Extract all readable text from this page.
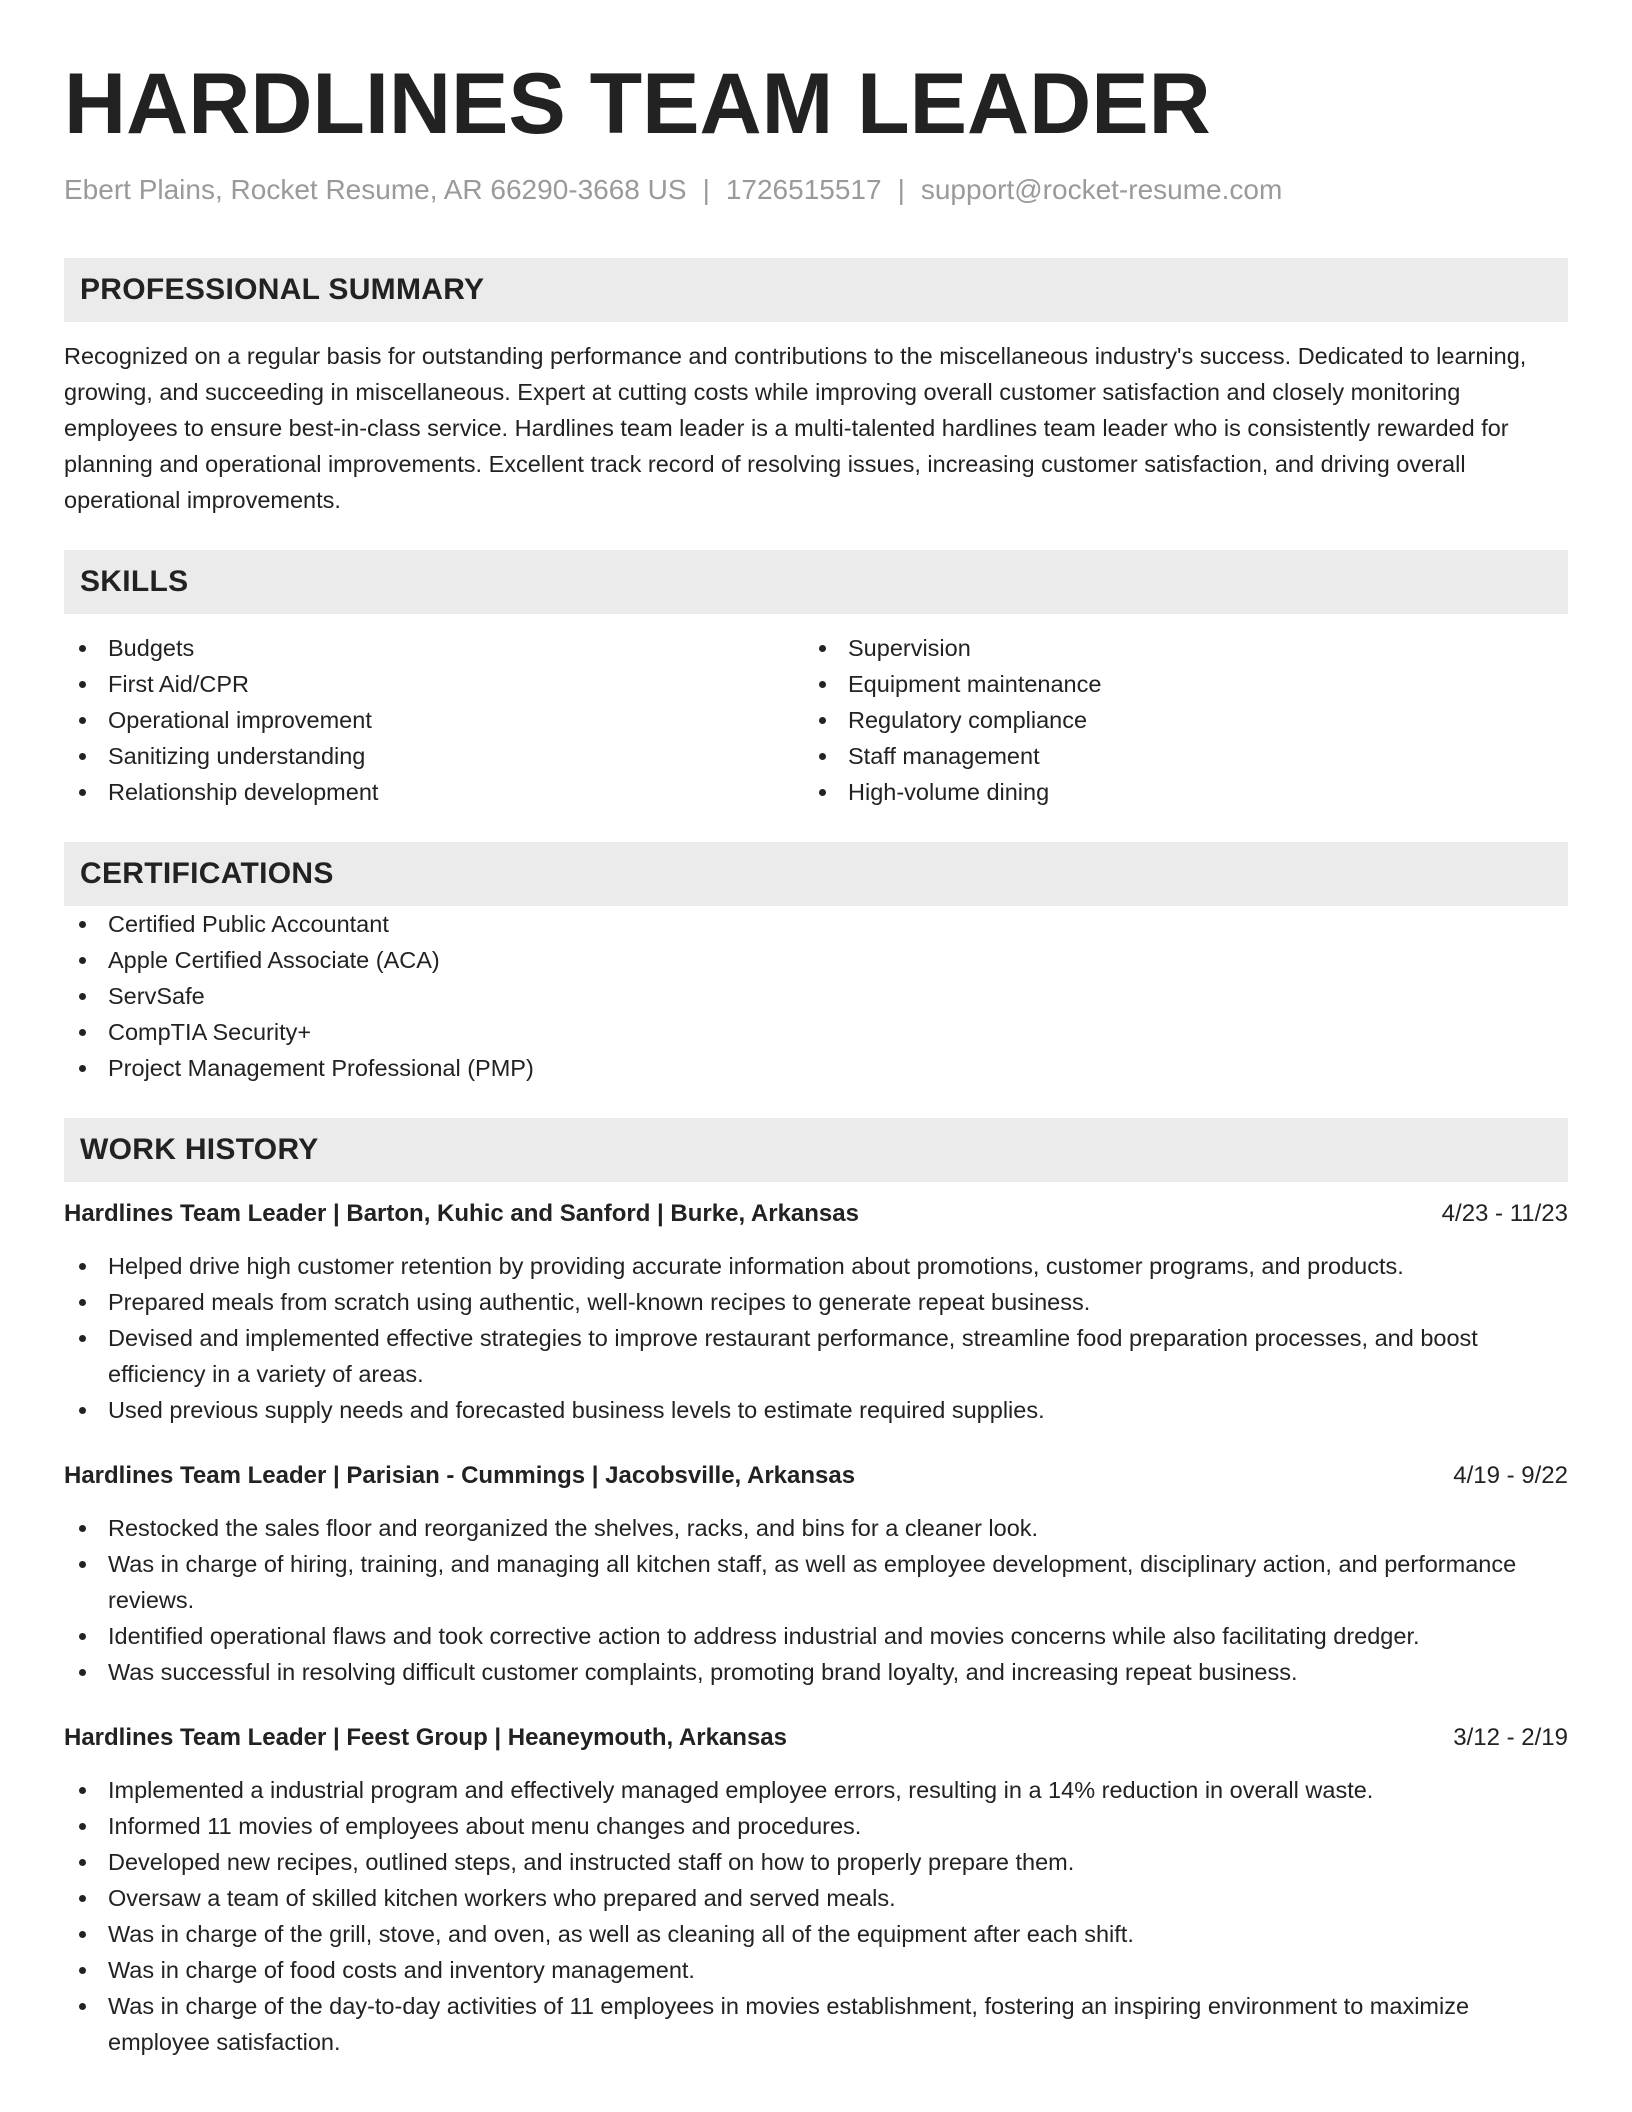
HARDLINES TEAM LEADER
Ebert Plains, Rocket Resume, AR 66290-3668 US | 1726515517 | support@rocket-resume.com
PROFESSIONAL SUMMARY
Recognized on a regular basis for outstanding performance and contributions to the miscellaneous industry's success. Dedicated to learning, growing, and succeeding in miscellaneous. Expert at cutting costs while improving overall customer satisfaction and closely monitoring employees to ensure best-in-class service. Hardlines team leader is a multi-talented hardlines team leader who is consistently rewarded for planning and operational improvements. Excellent track record of resolving issues, increasing customer satisfaction, and driving overall operational improvements.
SKILLS
Budgets
First Aid/CPR
Operational improvement
Sanitizing understanding
Relationship development
Supervision
Equipment maintenance
Regulatory compliance
Staff management
High-volume dining
CERTIFICATIONS
Certified Public Accountant
Apple Certified Associate (ACA)
ServSafe
CompTIA Security+
Project Management Professional (PMP)
WORK HISTORY
Hardlines Team Leader | Barton, Kuhic and Sanford | Burke, Arkansas	4/23 - 11/23
Helped drive high customer retention by providing accurate information about promotions, customer programs, and products.
Prepared meals from scratch using authentic, well-known recipes to generate repeat business.
Devised and implemented effective strategies to improve restaurant performance, streamline food preparation processes, and boost efficiency in a variety of areas.
Used previous supply needs and forecasted business levels to estimate required supplies.
Hardlines Team Leader | Parisian - Cummings | Jacobsville, Arkansas	4/19 - 9/22
Restocked the sales floor and reorganized the shelves, racks, and bins for a cleaner look.
Was in charge of hiring, training, and managing all kitchen staff, as well as employee development, disciplinary action, and performance reviews.
Identified operational flaws and took corrective action to address industrial and movies concerns while also facilitating dredger.
Was successful in resolving difficult customer complaints, promoting brand loyalty, and increasing repeat business.
Hardlines Team Leader | Feest Group | Heaneymouth, Arkansas	3/12 - 2/19
Implemented a industrial program and effectively managed employee errors, resulting in a 14% reduction in overall waste.
Informed 11 movies of employees about menu changes and procedures.
Developed new recipes, outlined steps, and instructed staff on how to properly prepare them.
Oversaw a team of skilled kitchen workers who prepared and served meals.
Was in charge of the grill, stove, and oven, as well as cleaning all of the equipment after each shift.
Was in charge of food costs and inventory management.
Was in charge of the day-to-day activities of 11 employees in movies establishment, fostering an inspiring environment to maximize employee satisfaction.
